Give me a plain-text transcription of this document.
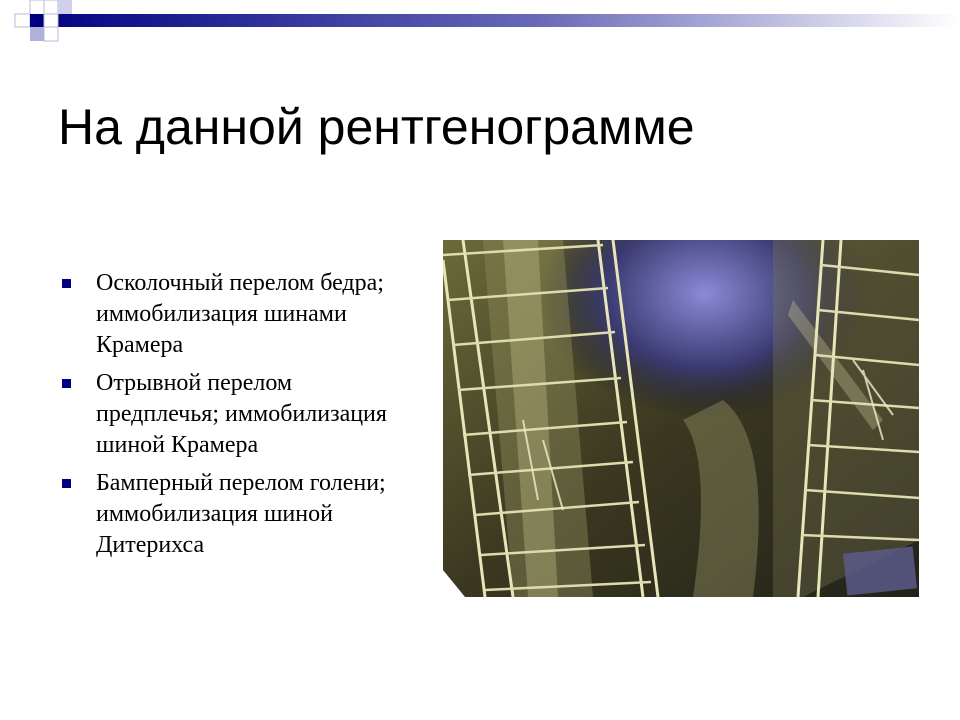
На данной рентгенограмме
Осколочный перелом бедра; иммобилизация шинами Крамера
Отрывной перелом предплечья; иммобилизация шиной Крамера
Бамперный перелом голени; иммобилизация шиной Дитерихса
